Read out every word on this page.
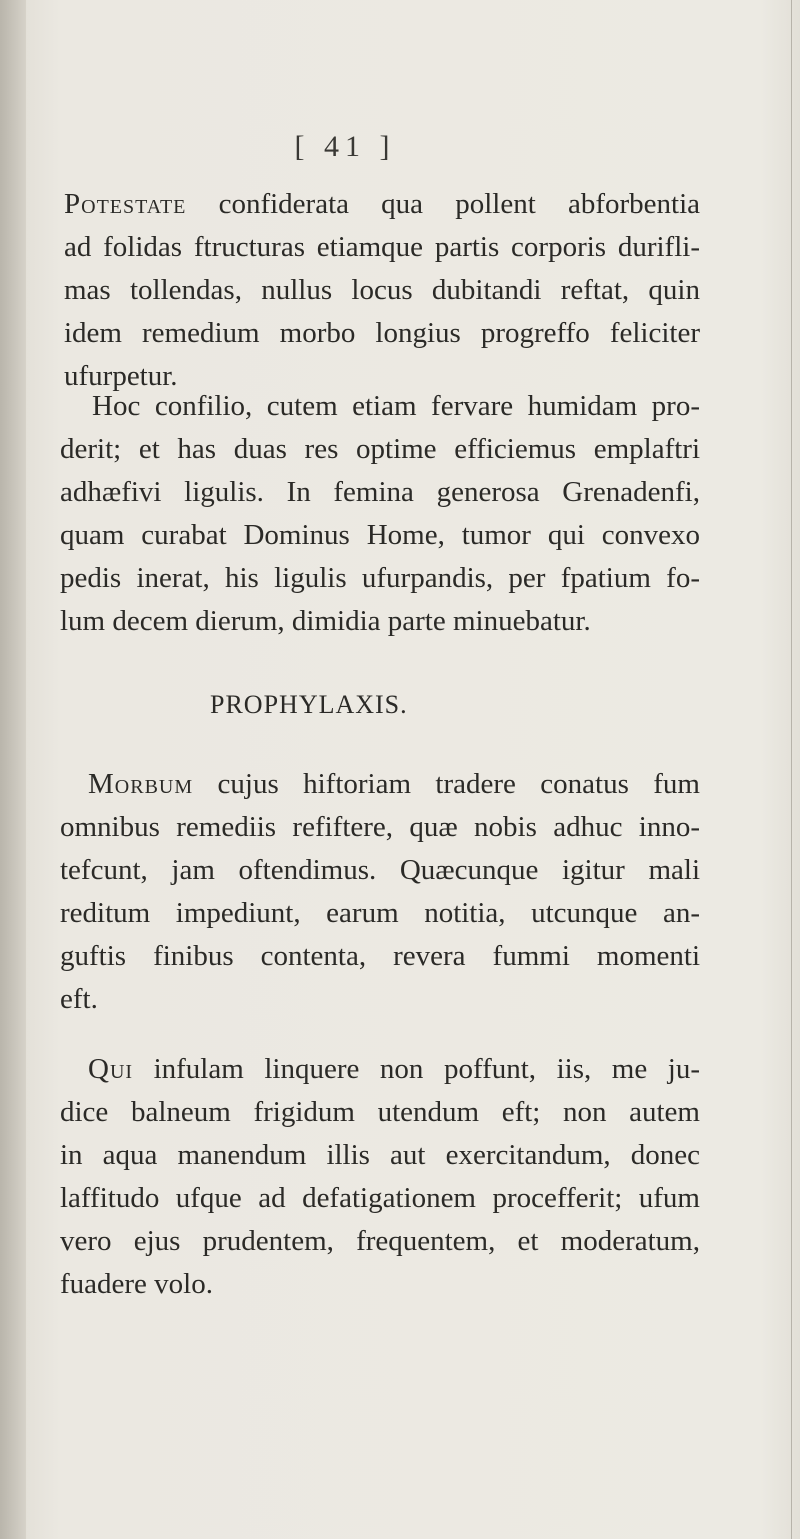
[ 41 ]

Potestate confiderata qua pollent abforbentia
ad folidas ftructuras etiamque partis corporis durifli-
mas tollendas, nullus locus dubitandi reftat, quin
idem remedium morbo longius progreffo feliciter
ufurpetur.

Hoc confilio, cutem etiam fervare humidam pro-
derit; et has duas res optime efficiemus emplaftri
adhæfivi ligulis. In femina generosa Grenadenfi,
quam curabat Dominus Home, tumor qui convexo
pedis inerat, his ligulis ufurpandis, per fpatium fo-
lum decem dierum, dimidia parte minuebatur.

PROPHYLAXIS.

Morbum cujus hiftoriam tradere conatus fum
omnibus remediis refiftere, quæ nobis adhuc inno-
tefcunt, jam oftendimus. Quæcunque igitur mali
reditum impediunt, earum notitia, utcunque an-
guftis finibus contenta, revera fummi momenti
eft.

Qui infulam linquere non poffunt, iis, me ju-
dice balneum frigidum utendum eft; non autem
in aqua manendum illis aut exercitandum, donec
laffitudo ufque ad defatigationem procefferit; ufum
vero ejus prudentem, frequentem, et moderatum,
fuadere volo.
